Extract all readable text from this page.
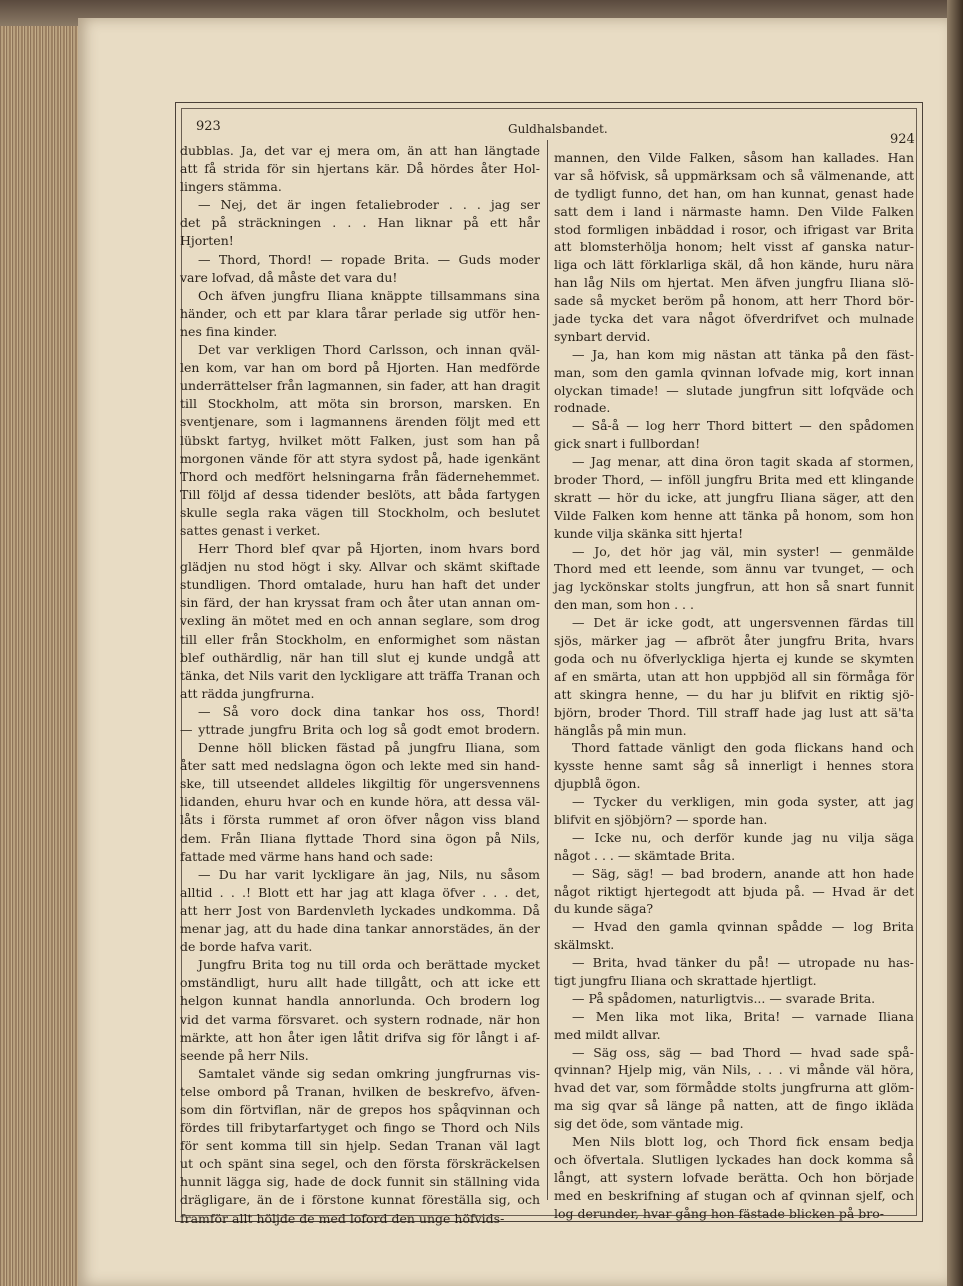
923	Guldhalsbandet.
924
dubblas. Ja, det var ej mera om, än att han längtade
att få strida för sin hjertans kär. Då hördes åter Hol-
lingers stämma.
— Nej, det är ingen fetaliebroder . . . jag ser
det på sträckningen . . . Han liknar på ett hår
Hjorten!
— Thord, Thord! — ropade Brita. — Guds moder
vare lofvad, då måste det vara du!
Och äfven jungfru Iliana knäppte tillsammans sina
händer, och ett par klara tårar perlade sig utför hen-
nes fina kinder.
Det var verkligen Thord Carlsson, och innan qväl-
len kom, var han om bord på Hjorten. Han medförde
underrättelser från lagmannen, sin fader, att han dragit
till Stockholm, att möta sin brorson, marsken. En
sventjenare, som i lagmannens ärenden följt med ett
lübskt fartyg, hvilket mött Falken, just som han på
morgonen vände för att styra sydost på, hade igenkänt
Thord och medfört helsningarna från fädernehemmet.
Till följd af dessa tidender beslöts, att båda fartygen
skulle segla raka vägen till Stockholm, och beslutet
sattes genast i verket.
Herr Thord blef qvar på Hjorten, inom hvars bord
glädjen nu stod högt i sky. Allvar och skämt skiftade
stundligen. Thord omtalade, huru han haft det under
sin färd, der han kryssat fram och åter utan annan om-
vexling än mötet med en och annan seglare, som drog
till eller från Stockholm, en enformighet som nästan
blef outhärdlig, när han till slut ej kunde undgå att
tänka, det Nils varit den lyckligare att träffa Tranan och
att rädda jungfrurna.
— Så voro dock dina tankar hos oss, Thord!
— yttrade jungfru Brita och log så godt emot brodern.
Denne höll blicken fästad på jungfru Iliana, som
åter satt med nedslagna ögon och lekte med sin hand-
ske, till utseendet alldeles likgiltig för ungersvennens
lidanden, ehuru hvar och en kunde höra, att dessa väl-
låts i första rummet af oron öfver någon viss bland
dem. Från Iliana flyttade Thord sina ögon på Nils,
fattade med värme hans hand och sade:
— Du har varit lyckligare än jag, Nils, nu såsom
alltid . . .! Blott ett har jag att klaga öfver . . . det,
att herr Jost von Bardenvleth lyckades undkomma. Då
menar jag, att du hade dina tankar annorstädes, än der
de borde hafva varit.
Jungfru Brita tog nu till orda och berättade mycket
omständligt, huru allt hade tillgått, och att icke ett
helgon kunnat handla annorlunda. Och brodern log
vid det varma försvaret. och systern rodnade, när hon
märkte, att hon åter igen låtit drifva sig för långt i af-
seende på herr Nils.
Samtalet vände sig sedan omkring jungfrurnas vis-
telse ombord på Tranan, hvilken de beskrefvo, äfven-
som din förtviflan, när de grepos hos spåqvinnan och
fördes till fribytarfartyget och fingo se Thord och Nils
för sent komma till sin hjelp. Sedan Tranan väl lagt
ut och spänt sina segel, och den första förskräckelsen
hunnit lägga sig, hade de dock funnit sin ställning vida
drägligare, än de i förstone kunnat föreställa sig, och
framför allt höljde de med loford den unge höfvids-
mannen, den Vilde Falken, såsom han kallades. Han
var så höfvisk, så uppmärksam och så välmenande, att
de tydligt funno, det han, om han kunnat, genast hade
satt dem i land i närmaste hamn. Den Vilde Falken
stod formligen inbäddad i rosor, och ifrigast var Brita
att blomsterhölja honom; helt visst af ganska natur-
liga och lätt förklarliga skäl, då hon kände, huru nära
han låg Nils om hjertat. Men äfven jungfru Iliana slö-
sade så mycket beröm på honom, att herr Thord bör-
jade tycka det vara något öfverdrifvet och mulnade
synbart dervid.
— Ja, han kom mig nästan att tänka på den fäst-
man, som den gamla qvinnan lofvade mig, kort innan
olyckan timade! — slutade jungfrun sitt lofqväde och
rodnade.
— Så-å — log herr Thord bittert — den spådomen
gick snart i fullbordan!
— Jag menar, att dina öron tagit skada af stormen,
broder Thord, — inföll jungfru Brita med ett klingande
skratt — hör du icke, att jungfru Iliana säger, att den
Vilde Falken kom henne att tänka på honom, som hon
kunde vilja skänka sitt hjerta!
— Jo, det hör jag väl, min syster! — genmälde
Thord med ett leende, som ännu var tvunget, — och
jag lyckönskar stolts jungfrun, att hon så snart funnit
den man, som hon . . .
— Det är icke godt, att ungersvennen färdas till
sjös, märker jag — afbröt åter jungfru Brita, hvars
goda och nu öfverlyckliga hjerta ej kunde se skymten
af en smärta, utan att hon uppbjöd all sin förmåga för
att skingra henne, — du har ju blifvit en riktig sjö-
björn, broder Thord. Till straff hade jag lust att sä'ta
hänglås på min mun.
Thord fattade vänligt den goda flickans hand och
kysste henne samt såg så innerligt i hennes stora
djupblå ögon.
— Tycker du verkligen, min goda syster, att jag
blifvit en sjöbjörn? — sporde han.
— Icke nu, och derför kunde jag nu vilja säga
något . . . — skämtade Brita.
— Säg, säg! — bad brodern, anande att hon hade
något riktigt hjertegodt att bjuda på. — Hvad är det
du kunde säga?
— Hvad den gamla qvinnan spådde — log Brita
skälmskt.
— Brita, hvad tänker du på! — utropade nu has-
tigt jungfru Iliana och skrattade hjertligt.
— På spådomen, naturligtvis... — svarade Brita.
— Men lika mot lika, Brita! — varnade Iliana
med mildt allvar.
— Säg oss, säg — bad Thord — hvad sade spå-
qvinnan? Hjelp mig, vän Nils, . . . vi månde väl höra,
hvad det var, som förmådde stolts jungfrurna att glöm-
ma sig qvar så länge på natten, att de fingo ikläda
sig det öde, som väntade mig.
Men Nils blott log, och Thord fick ensam bedja
och öfvertala. Slutligen lyckades han dock komma så
långt, att systern lofvade berätta. Och hon började
med en beskrifning af stugan och af qvinnan sjelf, och
log derunder, hvar gång hon fästade blicken på bro-
